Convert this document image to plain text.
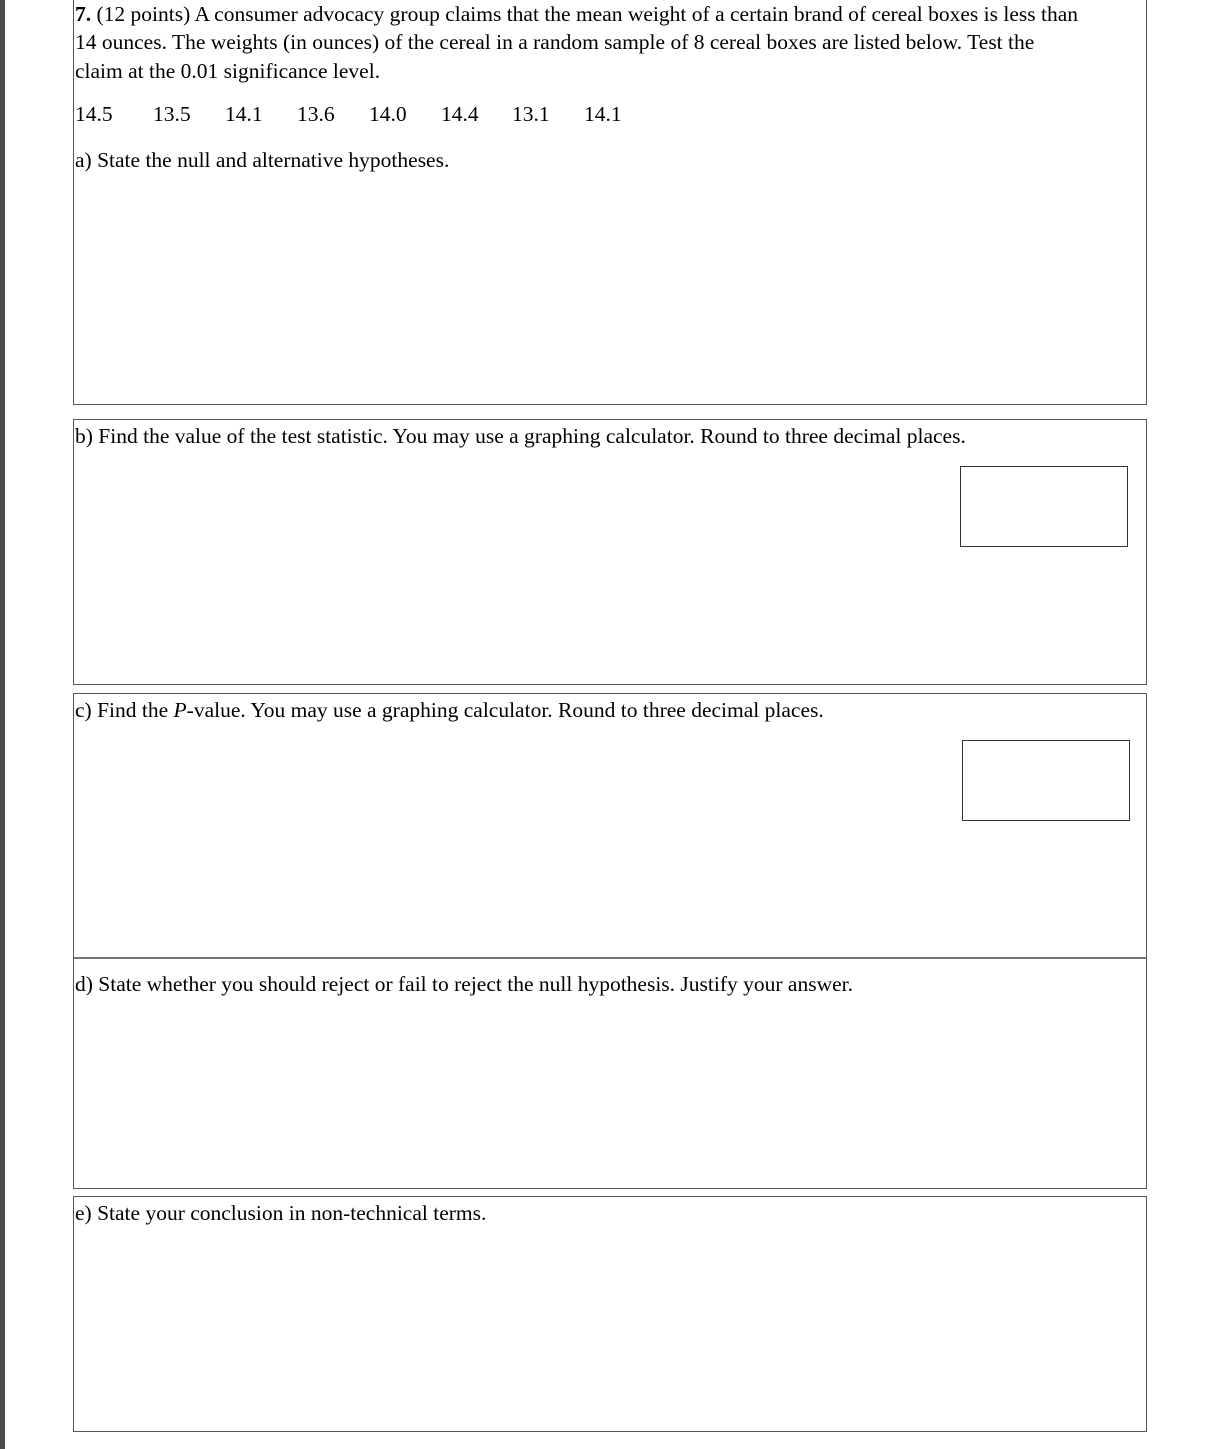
7. (12 points) A consumer advocacy group claims that the mean weight of a certain brand of cereal boxes is less than
14 ounces. The weights (in ounces) of the cereal in a random sample of 8 cereal boxes are listed below. Test the
claim at the 0.01 significance level.
14.5 13.5 14.1 13.6 14.0 14.4 13.1 14.1
a) State the null and alternative hypotheses.
b) Find the value of the test statistic. You may use a graphing calculator. Round to three decimal places.
c) Find the P-value. You may use a graphing calculator. Round to three decimal places.
d) State whether you should reject or fail to reject the null hypothesis. Justify your answer.
e) State your conclusion in non-technical terms.
